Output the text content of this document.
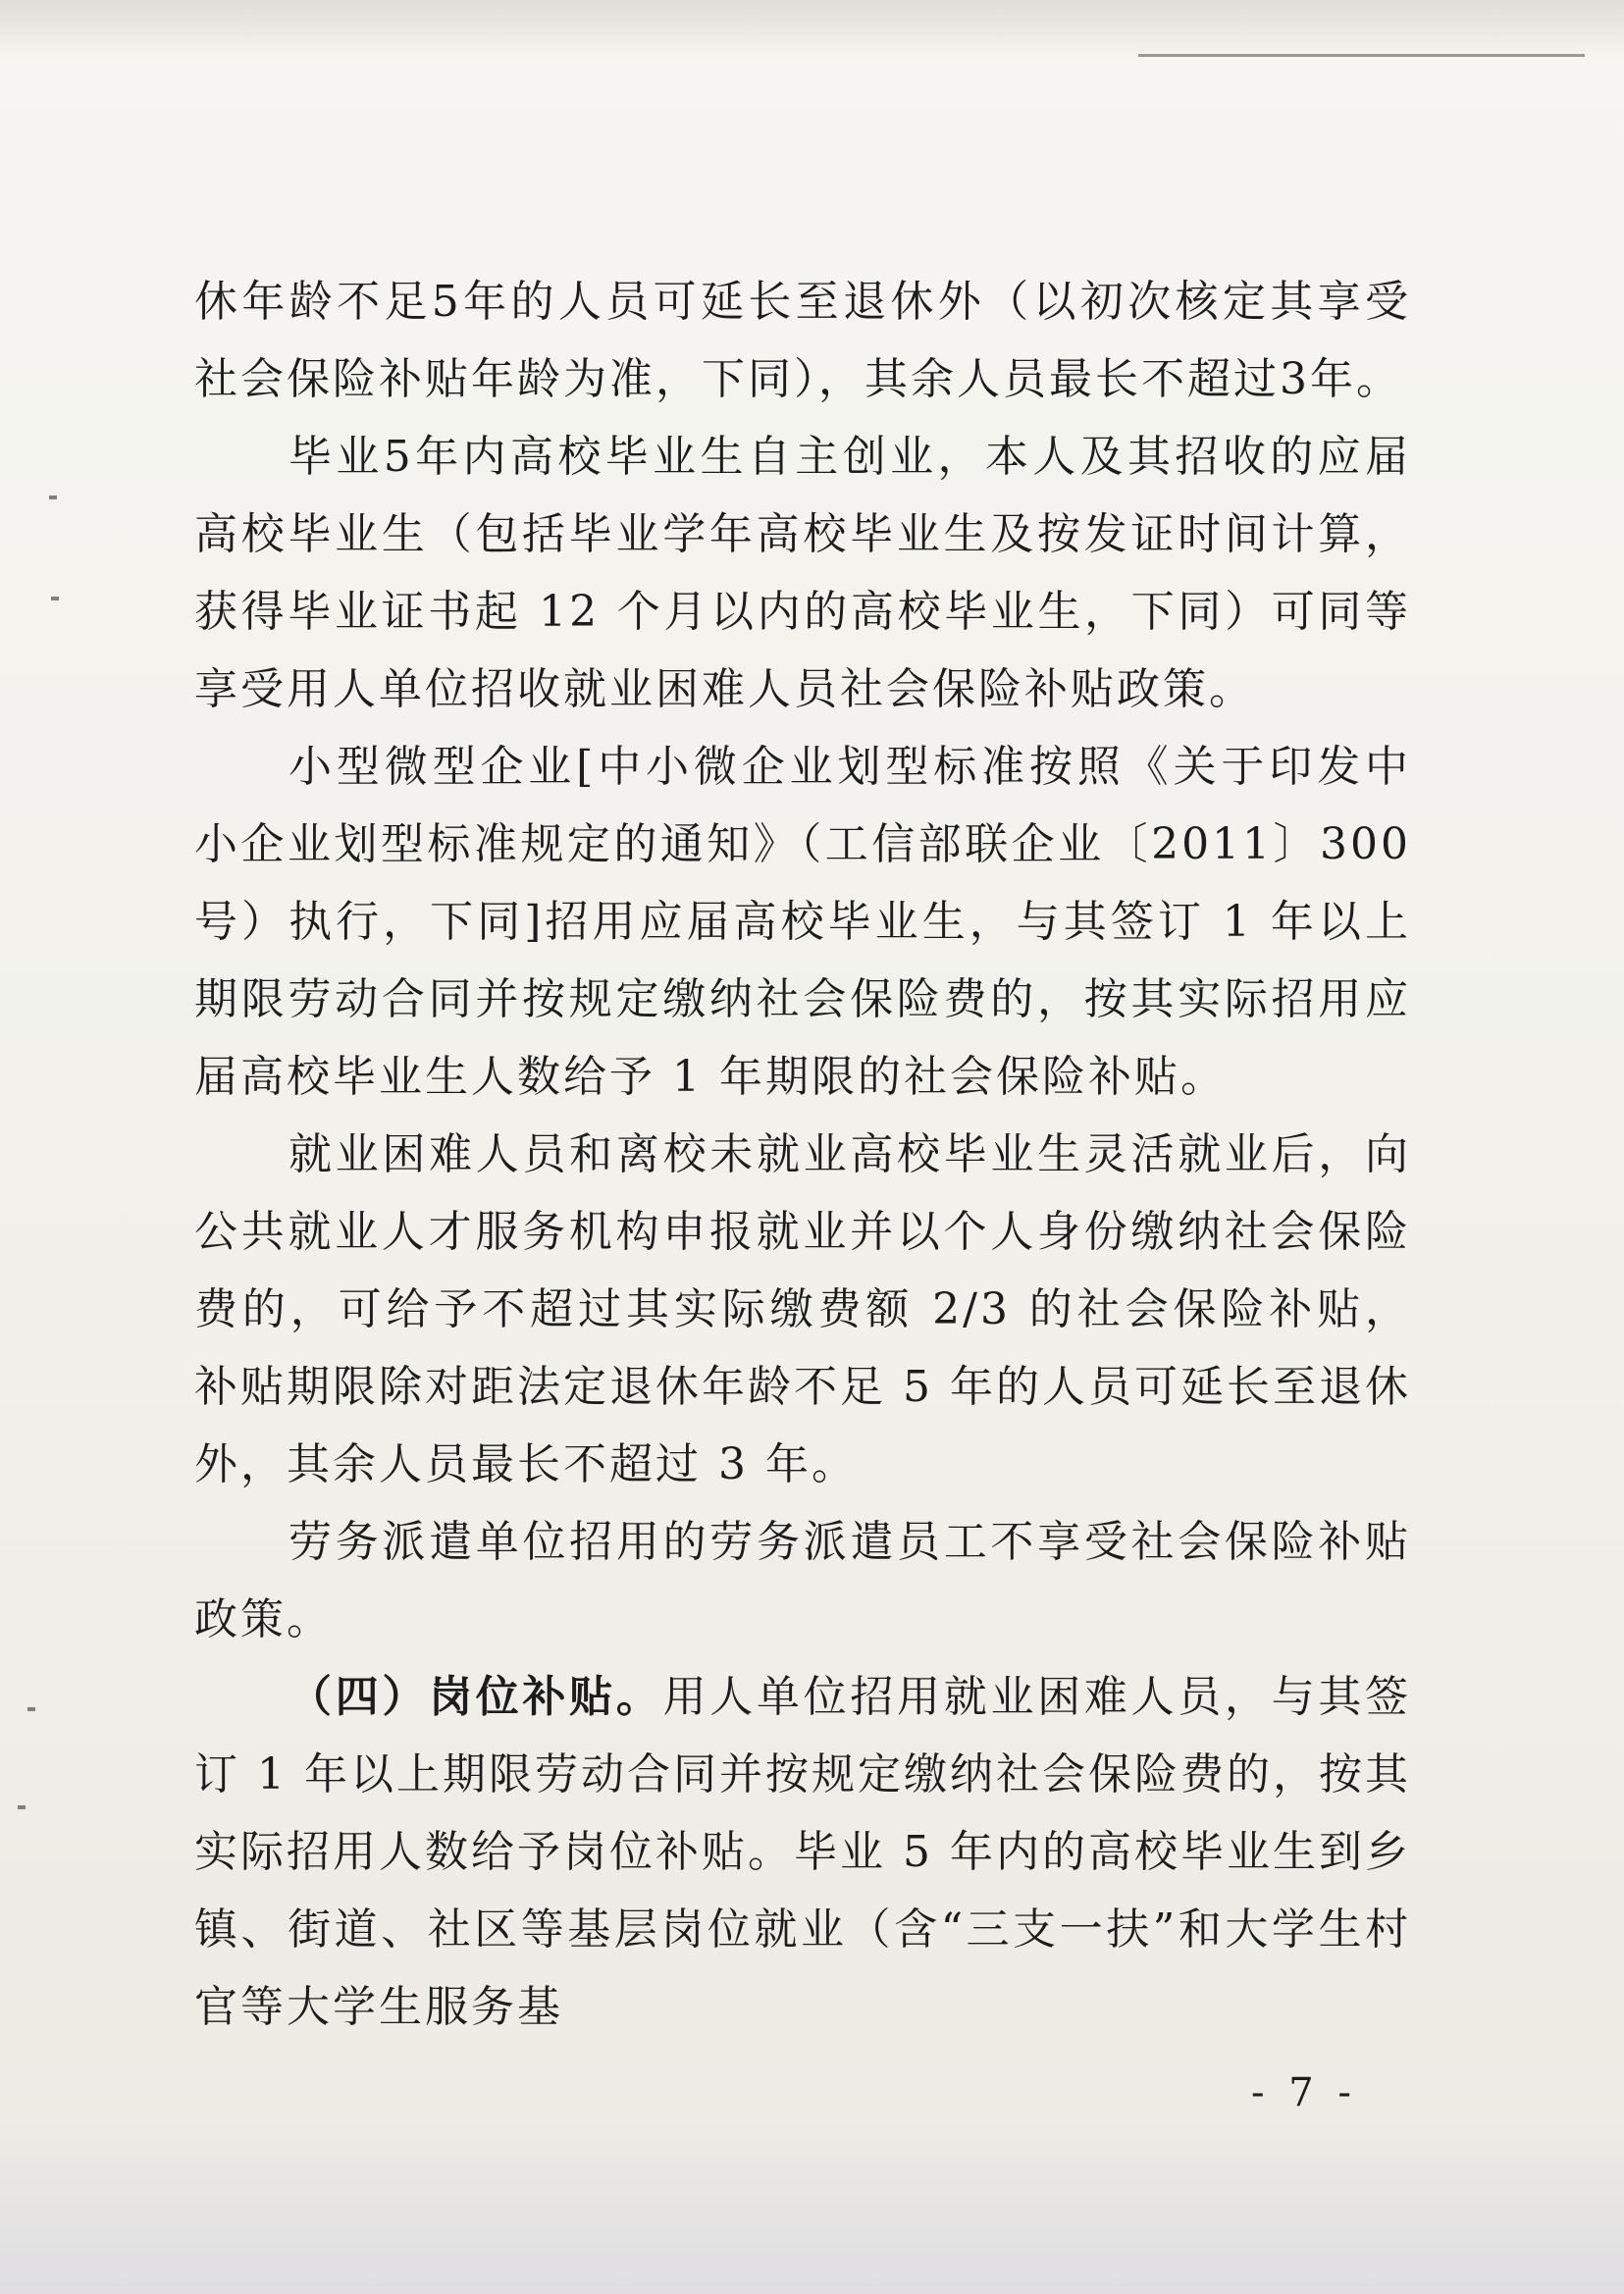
休年龄不足5年的人员可延长至退休外（以初次核定其享受社会保险补贴年龄为准，下同），其余人员最长不超过3年。

毕业5年内高校毕业生自主创业，本人及其招收的应届高校毕业生（包括毕业学年高校毕业生及按发证时间计算，获得毕业证书起 12 个月以内的高校毕业生，下同）可同等享受用人单位招收就业困难人员社会保险补贴政策。

小型微型企业[中小微企业划型标准按照《关于印发中小企业划型标准规定的通知》（工信部联企业〔2011〕300 号）执行，下同]招用应届高校毕业生，与其签订 1 年以上期限劳动合同并按规定缴纳社会保险费的，按其实际招用应届高校毕业生人数给予 1 年期限的社会保险补贴。

就业困难人员和离校未就业高校毕业生灵活就业后，向公共就业人才服务机构申报就业并以个人身份缴纳社会保险费的，可给予不超过其实际缴费额 2/3 的社会保险补贴，补贴期限除对距法定退休年龄不足 5 年的人员可延长至退休外，其余人员最长不超过 3 年。

劳务派遣单位招用的劳务派遣员工不享受社会保险补贴政策。

（四）岗位补贴。用人单位招用就业困难人员，与其签订 1 年以上期限劳动合同并按规定缴纳社会保险费的，按其实际招用人数给予岗位补贴。毕业 5 年内的高校毕业生到乡镇、街道、社区等基层岗位就业（含“三支一扶”和大学生村官等大学生服务基

- 7 -
